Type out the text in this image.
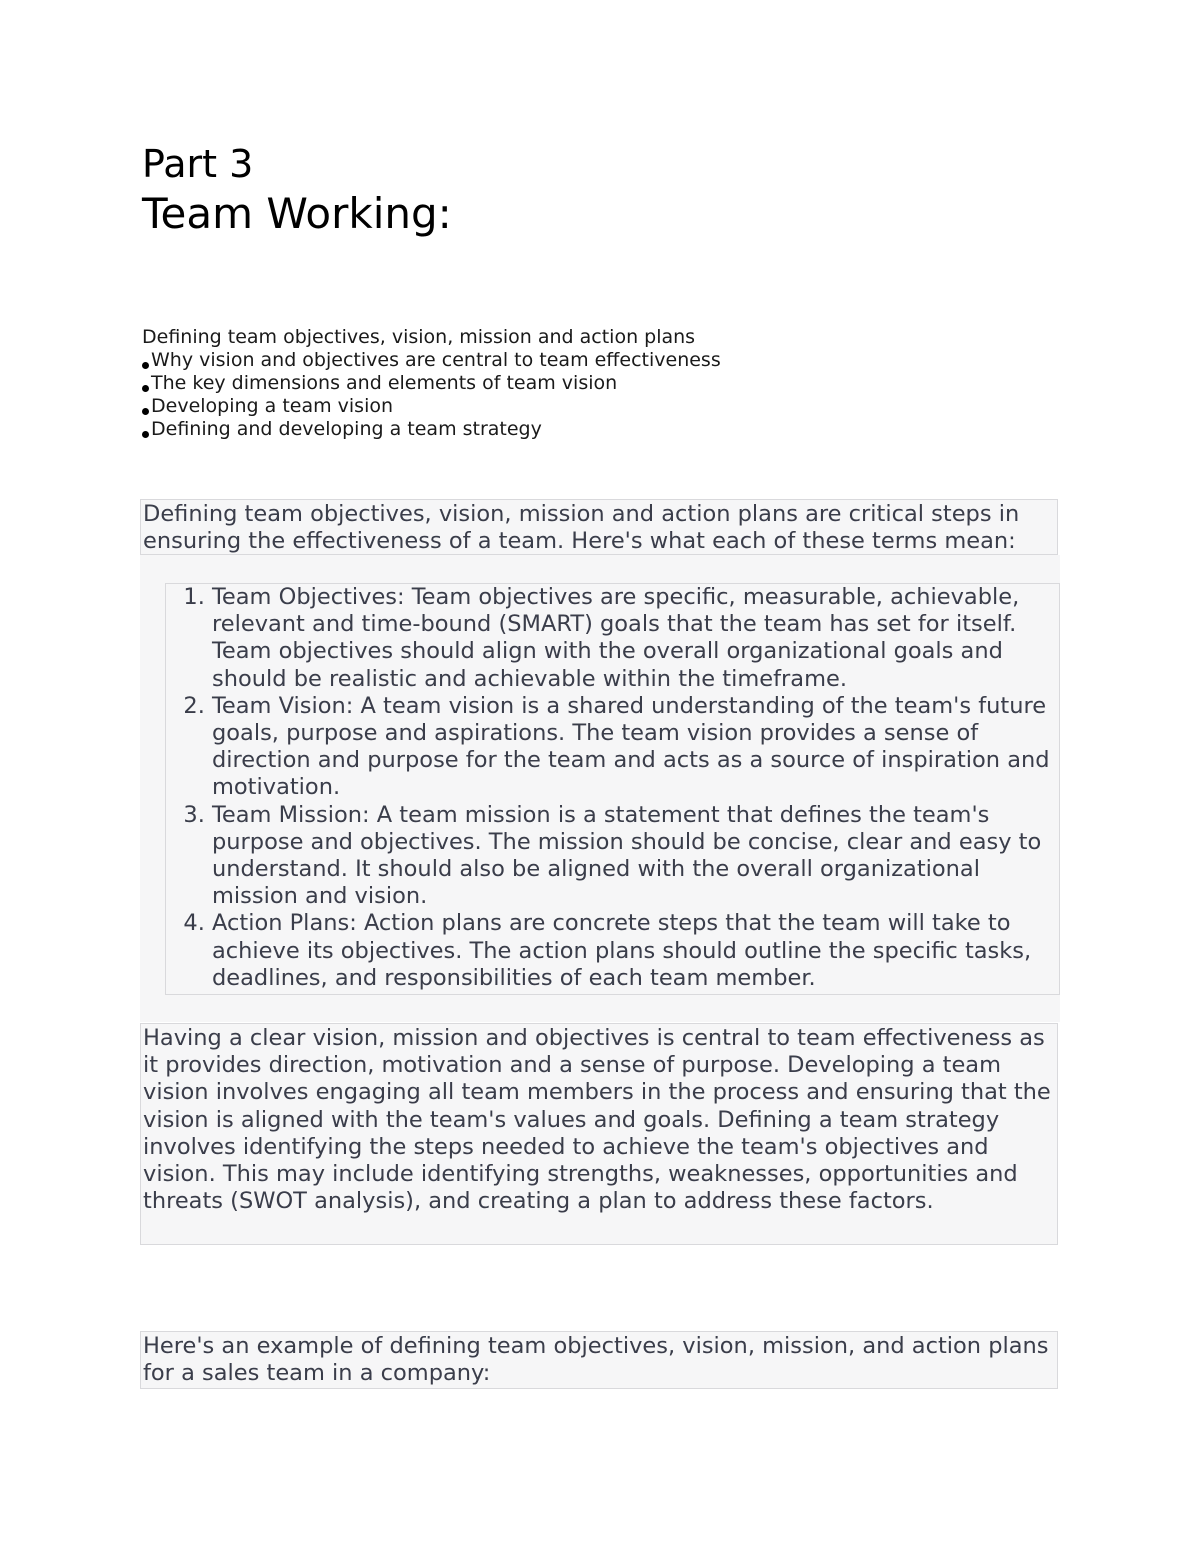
Part 3
Team Working:

Defining team objectives, vision, mission and action plans

Why vision and objectives are central to team effectiveness
The key dimensions and elements of team vision
Developing a team vision
Defining and developing a team strategy

Defining team objectives, vision, mission and action plans are critical steps in ensuring the effectiveness of a team. Here's what each of these terms mean:

1. Team Objectives: Team objectives are specific, measurable, achievable, relevant and time-bound (SMART) goals that the team has set for itself. Team objectives should align with the overall organizational goals and should be realistic and achievable within the timeframe.
2. Team Vision: A team vision is a shared understanding of the team's future goals, purpose and aspirations. The team vision provides a sense of direction and purpose for the team and acts as a source of inspiration and motivation.
3. Team Mission: A team mission is a statement that defines the team's purpose and objectives. The mission should be concise, clear and easy to understand. It should also be aligned with the overall organizational mission and vision.
4. Action Plans: Action plans are concrete steps that the team will take to achieve its objectives. The action plans should outline the specific tasks, deadlines, and responsibilities of each team member.

Having a clear vision, mission and objectives is central to team effectiveness as it provides direction, motivation and a sense of purpose. Developing a team vision involves engaging all team members in the process and ensuring that the vision is aligned with the team's values and goals. Defining a team strategy involves identifying the steps needed to achieve the team's objectives and vision. This may include identifying strengths, weaknesses, opportunities and threats (SWOT analysis), and creating a plan to address these factors.

Here's an example of defining team objectives, vision, mission, and action plans for a sales team in a company:
